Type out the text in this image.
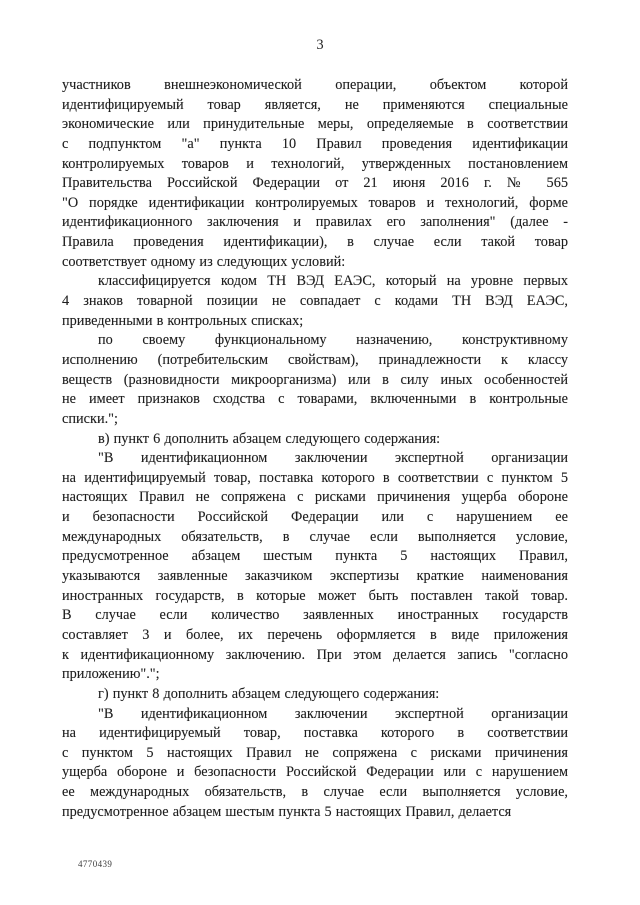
3
участников внешнеэкономической операции, объектом которой
идентифицируемый товар является, не применяются специальные
экономические или принудительные меры, определяемые в соответствии
с подпунктом "а" пункта 10 Правил проведения идентификации
контролируемых товаров и технологий, утвержденных постановлением
Правительства Российской Федерации от 21 июня 2016 г. № 565
"О порядке идентификации контролируемых товаров и технологий, форме
идентификационного заключения и правилах его заполнения" (далее -
Правила проведения идентификации), в случае если такой товар
соответствует одному из следующих условий:
классифицируется кодом ТН ВЭД ЕАЭС, который на уровне первых
4 знаков товарной позиции не совпадает с кодами ТН ВЭД ЕАЭС,
приведенными в контрольных списках;
по своему функциональному назначению, конструктивному
исполнению (потребительским свойствам), принадлежности к классу
веществ (разновидности микроорганизма) или в силу иных особенностей
не имеет признаков сходства с товарами, включенными в контрольные
списки.";
в) пункт 6 дополнить абзацем следующего содержания:
"В идентификационном заключении экспертной организации
на идентифицируемый товар, поставка которого в соответствии с пунктом 5
настоящих Правил не сопряжена с рисками причинения ущерба обороне
и безопасности Российской Федерации или с нарушением ее
международных обязательств, в случае если выполняется условие,
предусмотренное абзацем шестым пункта 5 настоящих Правил,
указываются заявленные заказчиком экспертизы краткие наименования
иностранных государств, в которые может быть поставлен такой товар.
В случае если количество заявленных иностранных государств
составляет 3 и более, их перечень оформляется в виде приложения
к идентификационному заключению. При этом делается запись "согласно
приложению".";
г) пункт 8 дополнить абзацем следующего содержания:
"В идентификационном заключении экспертной организации
на идентифицируемый товар, поставка которого в соответствии
с пунктом 5 настоящих Правил не сопряжена с рисками причинения
ущерба обороне и безопасности Российской Федерации или с нарушением
ее международных обязательств, в случае если выполняется условие,
предусмотренное абзацем шестым пункта 5 настоящих Правил, делается
4770439
